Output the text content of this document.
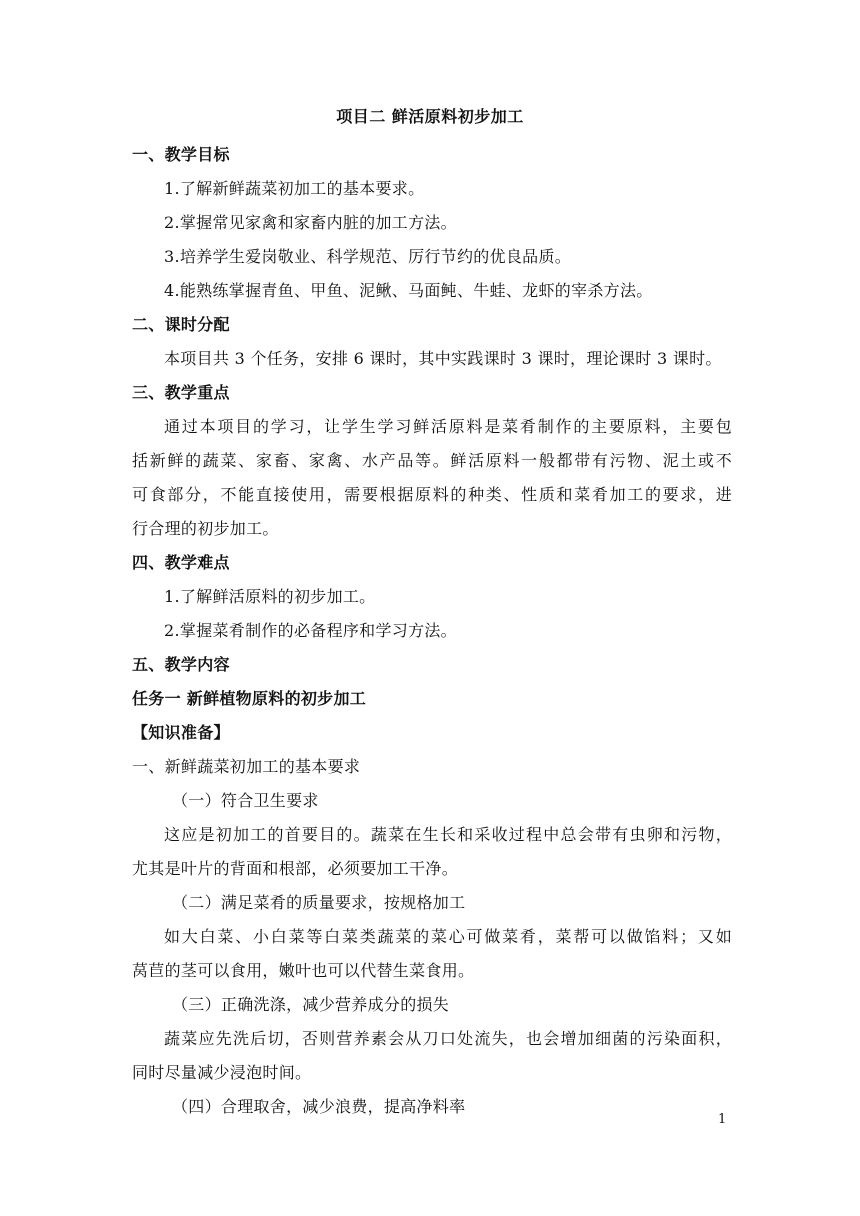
项目二 鲜活原料初步加工
一、教学目标
1.了解新鲜蔬菜初加工的基本要求。
2.掌握常见家禽和家畜内脏的加工方法。
3.培养学生爱岗敬业、科学规范、厉行节约的优良品质。
4.能熟练掌握青鱼、甲鱼、泥鳅、马面鲀、牛蛙、龙虾的宰杀方法。
二、课时分配
本项目共 3 个任务，安排 6 课时，其中实践课时 3 课时，理论课时 3 课时。
三、教学重点
通过本项目的学习，让学生学习鲜活原料是菜肴制作的主要原料，主要包
括新鲜的蔬菜、家畜、家禽、水产品等。鲜活原料一般都带有污物、泥土或不
可食部分，不能直接使用，需要根据原料的种类、性质和菜肴加工的要求，进
行合理的初步加工。
四、教学难点
1.了解鲜活原料的初步加工。
2.掌握菜肴制作的必备程序和学习方法。
五、教学内容
任务一 新鲜植物原料的初步加工
【知识准备】
一、新鲜蔬菜初加工的基本要求
（一）符合卫生要求
这应是初加工的首要目的。蔬菜在生长和采收过程中总会带有虫卵和污物，
尤其是叶片的背面和根部，必须要加工干净。
（二）满足菜肴的质量要求，按规格加工
如大白菜、小白菜等白菜类蔬菜的菜心可做菜肴，菜帮可以做馅料；又如
莴苣的茎可以食用，嫩叶也可以代替生菜食用。
（三）正确洗涤，减少营养成分的损失
蔬菜应先洗后切，否则营养素会从刀口处流失，也会增加细菌的污染面积，
同时尽量减少浸泡时间。
（四）合理取舍，减少浪费，提高净料率
1
